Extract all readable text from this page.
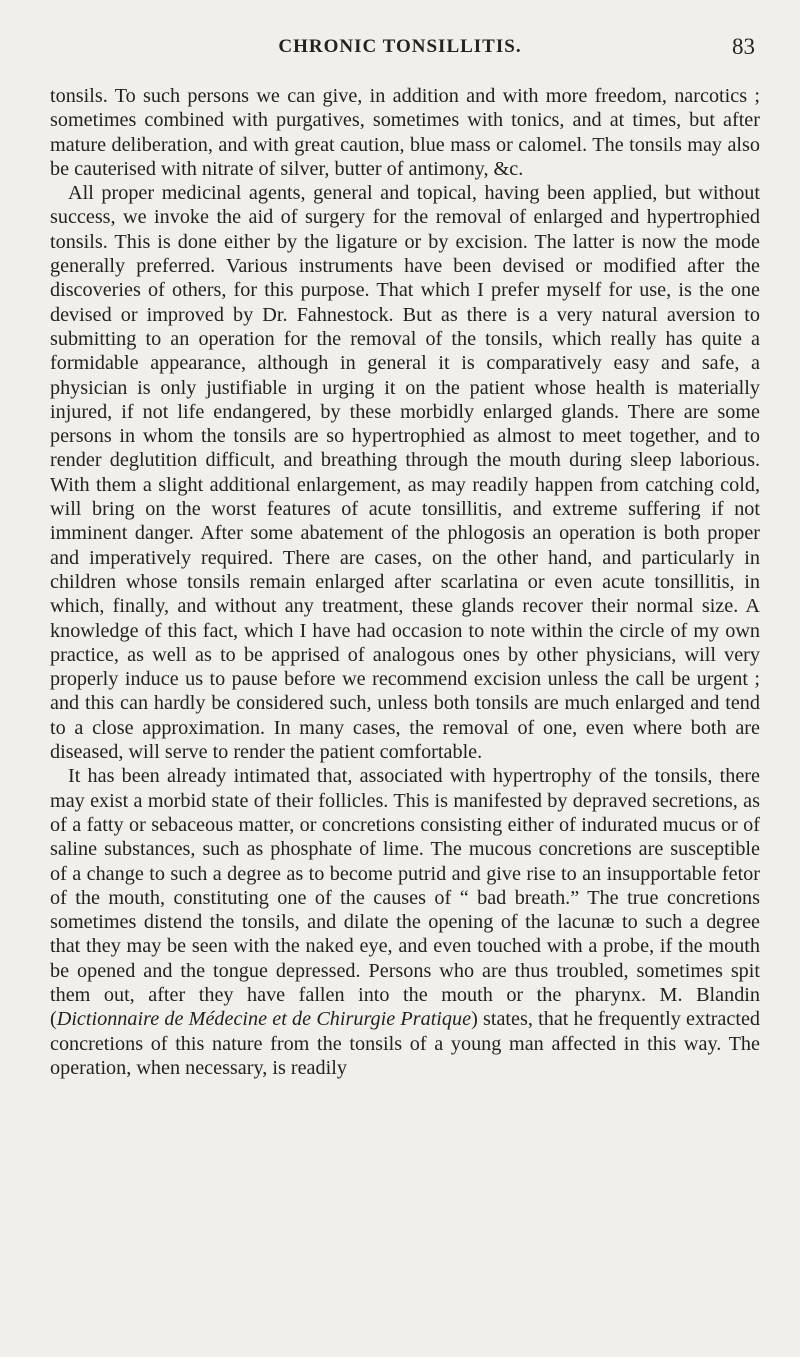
CHRONIC TONSILLITIS.	83

tonsils. To such persons we can give, in addition and with more freedom, narcotics ; sometimes combined with purgatives, sometimes with tonics, and at times, but after mature deliberation, and with great caution, blue mass or calomel. The tonsils may also be cauterised with nitrate of silver, butter of antimony, &c.

All proper medicinal agents, general and topical, having been applied, but without success, we invoke the aid of surgery for the removal of enlarged and hypertrophied tonsils. This is done either by the ligature or by excision. The latter is now the mode generally preferred. Various instruments have been devised or modified after the discoveries of others, for this purpose. That which I prefer myself for use, is the one devised or improved by Dr. Fahnestock. But as there is a very natural aversion to submitting to an operation for the removal of the tonsils, which really has quite a formidable appearance, although in general it is comparatively easy and safe, a physician is only justifiable in urging it on the patient whose health is materially injured, if not life endangered, by these morbidly enlarged glands. There are some persons in whom the tonsils are so hypertrophied as almost to meet together, and to render deglutition difficult, and breathing through the mouth during sleep laborious. With them a slight additional enlargement, as may readily happen from catching cold, will bring on the worst features of acute tonsillitis, and extreme suffering if not imminent danger. After some abatement of the phlogosis an operation is both proper and imperatively required. There are cases, on the other hand, and particularly in children whose tonsils remain enlarged after scarlatina or even acute tonsillitis, in which, finally, and without any treatment, these glands recover their normal size. A knowledge of this fact, which I have had occasion to note within the circle of my own practice, as well as to be apprised of analogous ones by other physicians, will very properly induce us to pause before we recommend excision unless the call be urgent ; and this can hardly be considered such, unless both tonsils are much enlarged and tend to a close approximation. In many cases, the removal of one, even where both are diseased, will serve to render the patient comfortable.

It has been already intimated that, associated with hypertrophy of the tonsils, there may exist a morbid state of their follicles. This is manifested by depraved secretions, as of a fatty or sebaceous matter, or concretions consisting either of indurated mucus or of saline substances, such as phosphate of lime. The mucous concretions are susceptible of a change to such a degree as to become putrid and give rise to an insupportable fetor of the mouth, constituting one of the causes of “ bad breath.” The true concretions sometimes distend the tonsils, and dilate the opening of the lacunæ to such a degree that they may be seen with the naked eye, and even touched with a probe, if the mouth be opened and the tongue depressed. Persons who are thus troubled, sometimes spit them out, after they have fallen into the mouth or the pharynx. M. Blandin (Dictionnaire de Médecine et de Chirurgie Pratique) states, that he frequently extracted concretions of this nature from the tonsils of a young man affected in this way. The operation, when necessary, is readily
